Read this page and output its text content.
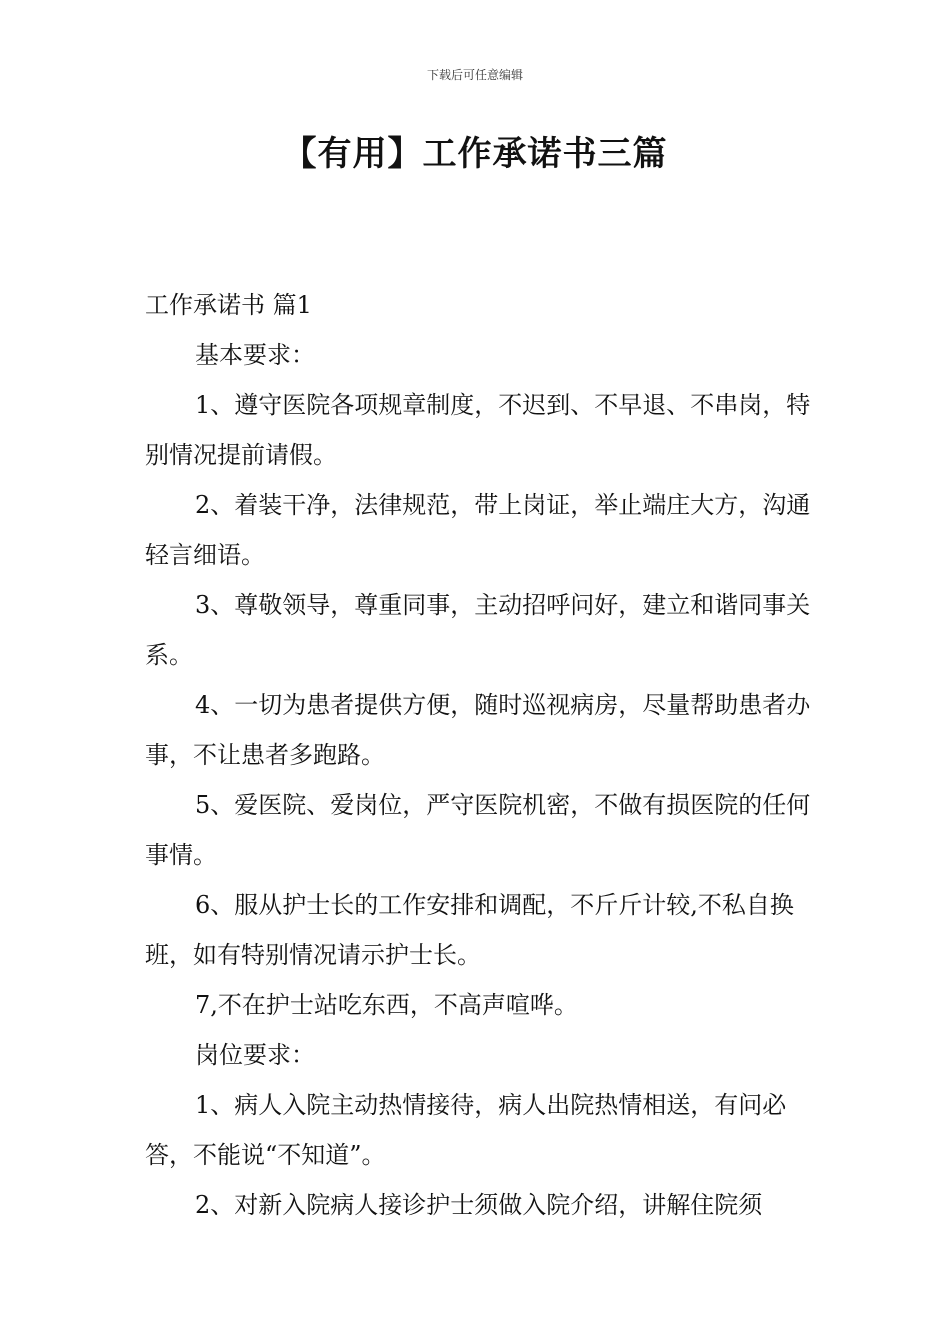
下载后可任意编辑
【有用】工作承诺书三篇

工作承诺书 篇1

基本要求：

1、遵守医院各项规章制度，不迟到、不早退、不串岗，特别情况提前请假。

2、着装干净，法律规范，带上岗证，举止端庄大方，沟通轻言细语。

3、尊敬领导，尊重同事，主动招呼问好，建立和谐同事关系。

4、一切为患者提供方便，随时巡视病房，尽量帮助患者办事，不让患者多跑路。

5、爱医院、爱岗位，严守医院机密，不做有损医院的任何事情。

6、服从护士长的工作安排和调配，不斤斤计较,不私自换班，如有特别情况请示护士长。

7,不在护士站吃东西，不高声喧哗。

岗位要求：

1、病人入院主动热情接待，病人出院热情相送，有问必答，不能说“不知道”。

2、对新入院病人接诊护士须做入院介绍，讲解住院须
